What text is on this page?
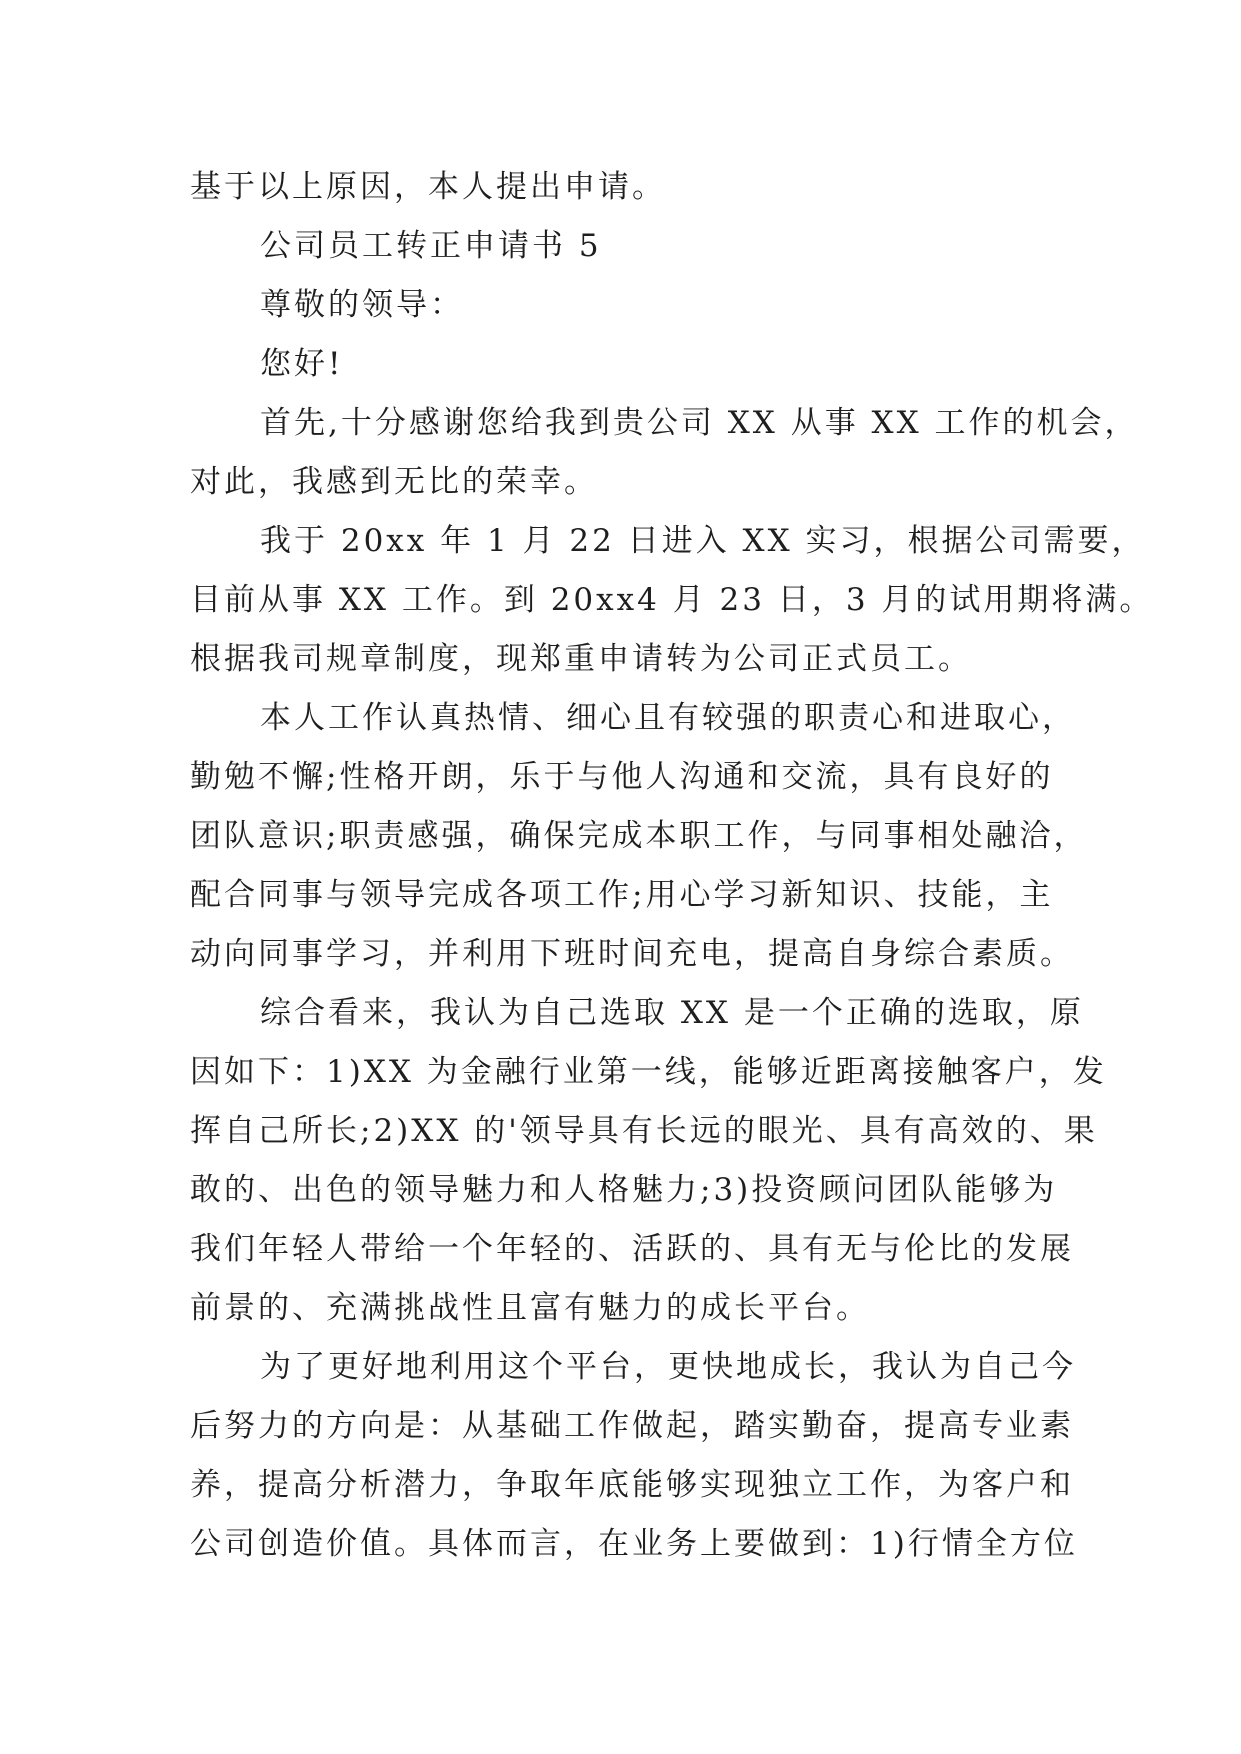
基于以上原因，本人提出申请。
公司员工转正申请书 5
尊敬的领导：
您好!
首先,十分感谢您给我到贵公司 XX 从事 XX 工作的机会，
对此，我感到无比的荣幸。
我于 20xx 年 1 月 22 日进入 XX 实习，根据公司需要，
目前从事 XX 工作。到 20xx4 月 23 日，3 月的试用期将满。
根据我司规章制度，现郑重申请转为公司正式员工。
本人工作认真热情、细心且有较强的职责心和进取心，
勤勉不懈;性格开朗，乐于与他人沟通和交流，具有良好的
团队意识;职责感强，确保完成本职工作，与同事相处融洽，
配合同事与领导完成各项工作;用心学习新知识、技能，主
动向同事学习，并利用下班时间充电，提高自身综合素质。
综合看来，我认为自己选取 XX 是一个正确的选取，原
因如下：1)XX 为金融行业第一线，能够近距离接触客户，发
挥自己所长;2)XX 的'领导具有长远的眼光、具有高效的、果
敢的、出色的领导魅力和人格魅力;3)投资顾问团队能够为
我们年轻人带给一个年轻的、活跃的、具有无与伦比的发展
前景的、充满挑战性且富有魅力的成长平台。
为了更好地利用这个平台，更快地成长，我认为自己今
后努力的方向是：从基础工作做起，踏实勤奋，提高专业素
养，提高分析潜力，争取年底能够实现独立工作，为客户和
公司创造价值。具体而言，在业务上要做到：1)行情全方位
